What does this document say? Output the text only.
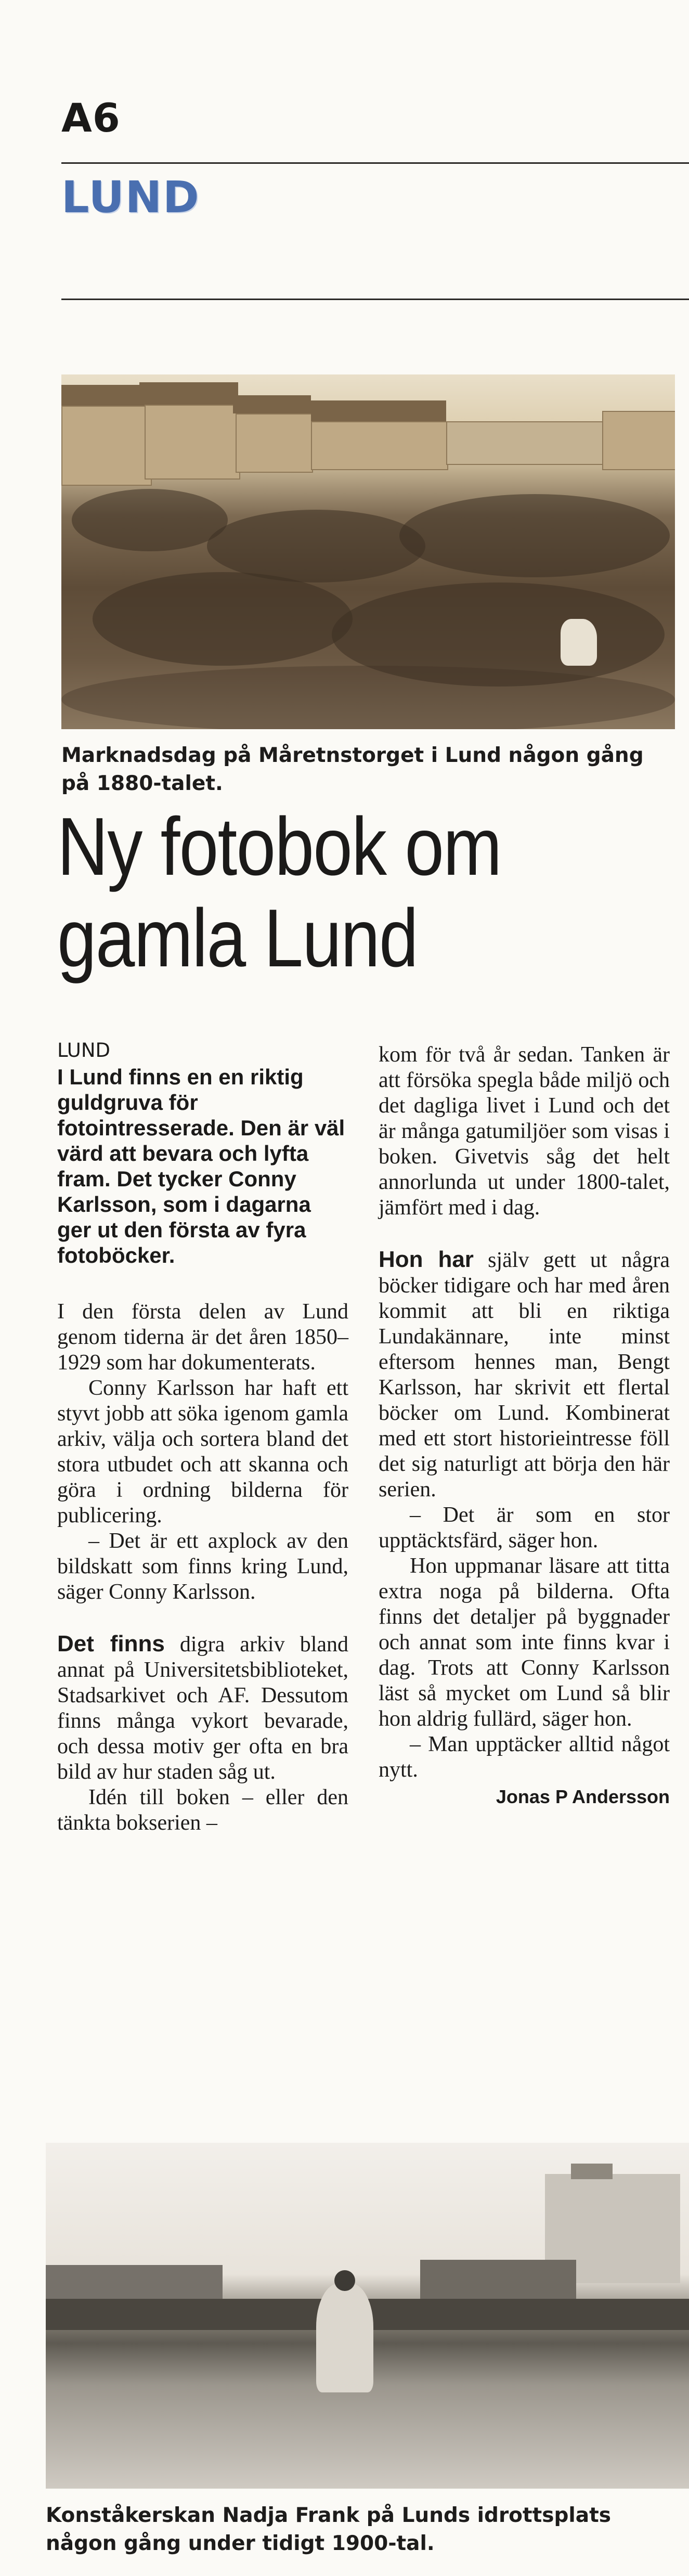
A6
LUND
Marknadsdag på Måretnstorget i Lund någon gång på 1880-talet.
Ny fotobok om gamla Lund
LUND

I Lund finns en en riktig guldgruva för fotointresserade. Den är väl värd att bevara och lyfta fram. Det tycker Conny Karlsson, som i dagarna ger ut den första av fyra fotoböcker.

I den första delen av Lund genom tiderna är det åren 1850–1929 som har dokumenterats.

Conny Karlsson har haft ett styvt jobb att söka igenom gamla arkiv, välja och sortera bland det stora utbudet och att skanna och göra i ordning bilderna för publicering.

– Det är ett axplock av den bildskatt som finns kring Lund, säger Conny Karlsson.

Det finns digra arkiv bland annat på Universitetsbiblioteket, Stadsarkivet och AF. Dessutom finns många vykort bevarade, och dessa motiv ger ofta en bra bild av hur staden såg ut.

Idén till boken – eller den tänkta bokserien –

kom för två år sedan. Tanken är att försöka spegla både miljö och det dagliga livet i Lund och det är många gatumiljöer som visas i boken. Givetvis såg det helt annorlunda ut under 1800-talet, jämfört med i dag.

Hon har själv gett ut några böcker tidigare och har med åren kommit att bli en riktiga Lundakännare, inte minst eftersom hennes man, Bengt Karlsson, har skrivit ett flertal böcker om Lund. Kombinerat med ett stort historieintresse föll det sig naturligt att börja den här serien.

– Det är som en stor upptäcktsfärd, säger hon.

Hon uppmanar läsare att titta extra noga på bilderna. Ofta finns det detaljer på byggnader och annat som inte finns kvar i dag. Trots att Conny Karlsson läst så mycket om Lund så blir hon aldrig fullärd, säger hon.

– Man upptäcker alltid något nytt.

Jonas P Andersson
Konståkerskan Nadja Frank på Lunds idrottsplats någon gång under tidigt 1900-tal.
